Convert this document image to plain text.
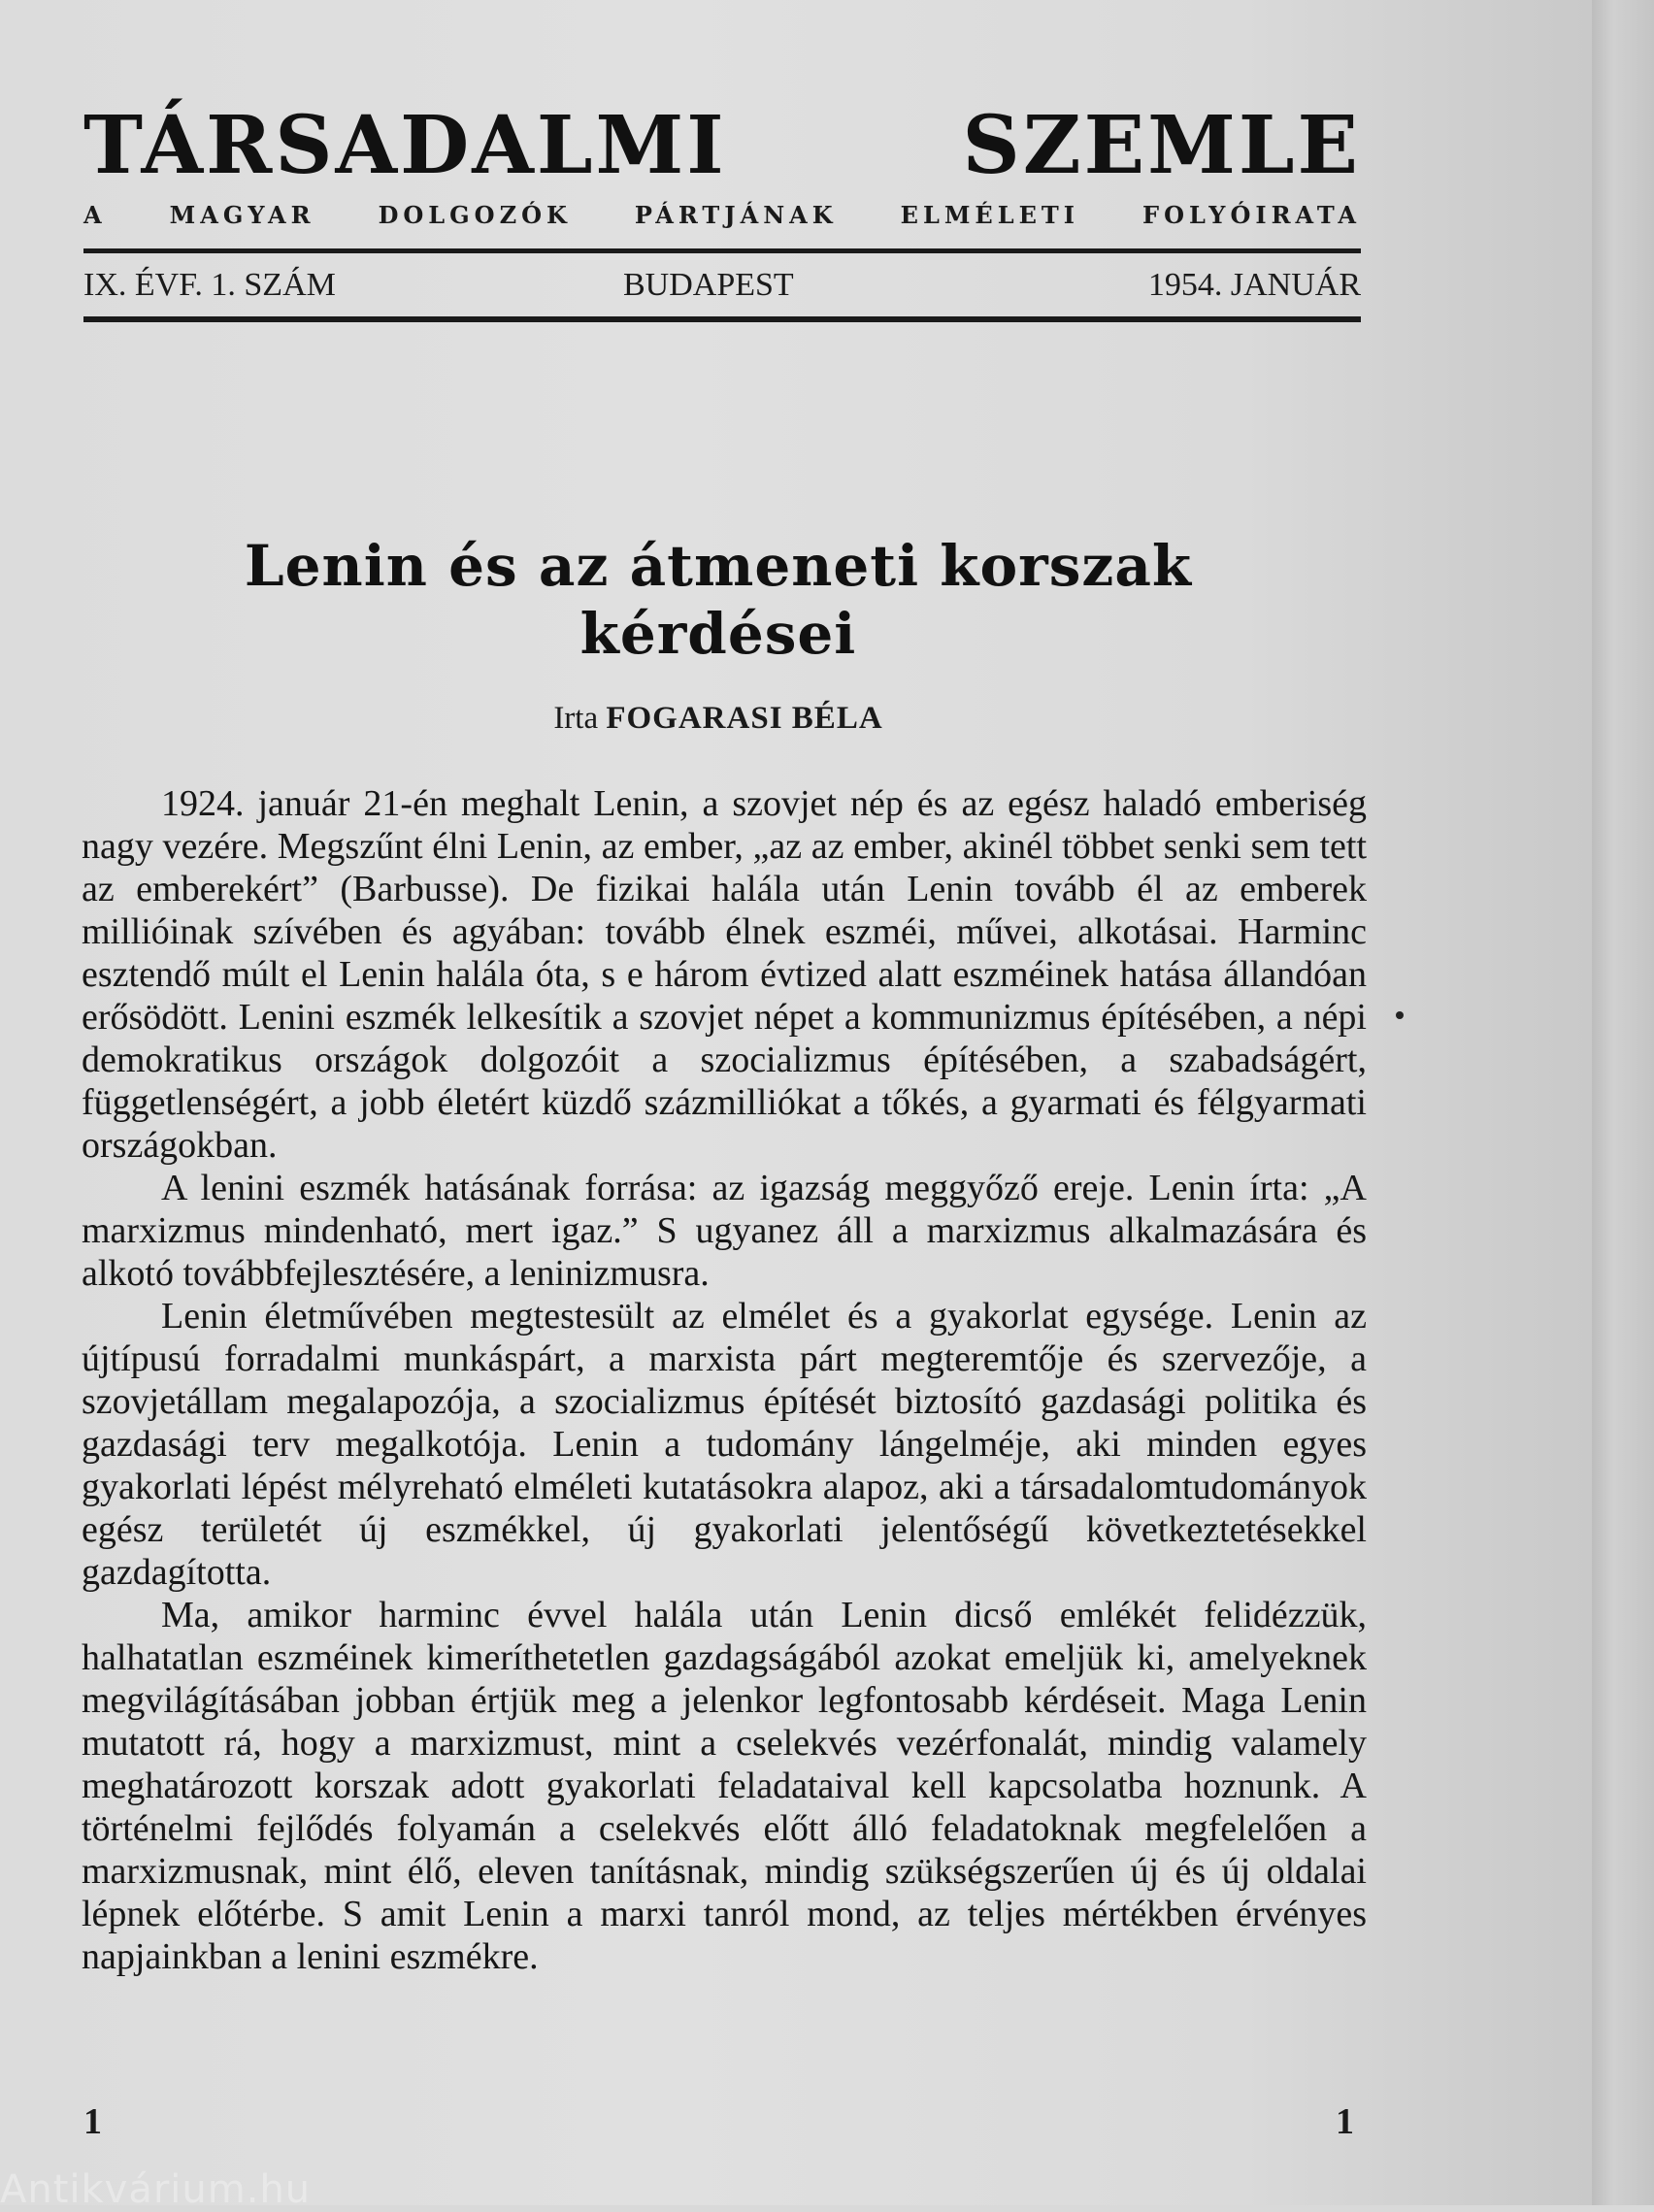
TÁRSADALMI SZEMLE
A MAGYAR DOLGOZÓK PÁRTJÁNAK ELMÉLETI FOLYÓIRATA
IX. ÉVF. 1. SZÁM	BUDAPEST	1954. JANUÁR
Lenin és az átmeneti korszak
kérdései
Irta FOGARASI BÉLA

1924. január 21-én meghalt Lenin, a szovjet nép és az egész haladó emberiség nagy vezére. Megszűnt élni Lenin, az ember, „az az ember, akinél többet senki sem tett az emberekért” (Barbusse). De fizikai halála után Lenin tovább él az emberek millióinak szívében és agyában: tovább élnek eszméi, művei, alkotásai. Harminc esztendő múlt el Lenin halála óta, s e három évtized alatt eszméinek hatása állandóan erősödött. Lenini eszmék lelkesítik a szovjet népet a kommunizmus építésében, a népi demokratikus országok dolgozóit a szocializmus építésében, a szabadságért, függetlenségért, a jobb életért küzdő százmilliókat a tőkés, a gyarmati és félgyarmati országokban.

A lenini eszmék hatásának forrása: az igazság meggyőző ereje. Lenin írta: „A marxizmus mindenható, mert igaz.” S ugyanez áll a marxizmus alkalmazására és alkotó továbbfejlesztésére, a leninizmusra.

Lenin életművében megtestesült az elmélet és a gyakorlat egysége. Lenin az újtípusú forradalmi munkáspárt, a marxista párt megteremtője és szervezője, a szovjetállam megalapozója, a szocializmus építését biztosító gazdasági politika és gazdasági terv megalkotója. Lenin a tudomány lángelméje, aki minden egyes gyakorlati lépést mélyreható elméleti kutatásokra alapoz, aki a társadalomtudományok egész területét új eszmékkel, új gyakorlati jelentőségű következtetésekkel gazdagította.

Ma, amikor harminc évvel halála után Lenin dicső emlékét felidézzük, halhatatlan eszméinek kimeríthetetlen gazdagságából azokat emeljük ki, amelyeknek megvilágításában jobban értjük meg a jelenkor legfontosabb kérdéseit. Maga Lenin mutatott rá, hogy a marxizmust, mint a cselekvés vezérfonalát, mindig valamely meghatározott korszak adott gyakorlati feladataival kell kapcsolatba hoznunk. A történelmi fejlődés folyamán a cselekvés előtt álló feladatoknak megfelelően a marxizmusnak, mint élő, eleven tanításnak, mindig szükségszerűen új és új oldalai lépnek előtérbe. S amit Lenin a marxi tanról mond, az teljes mértékben érvényes napjainkban a lenini eszmékre.

1	1
Antikvárium.hu
